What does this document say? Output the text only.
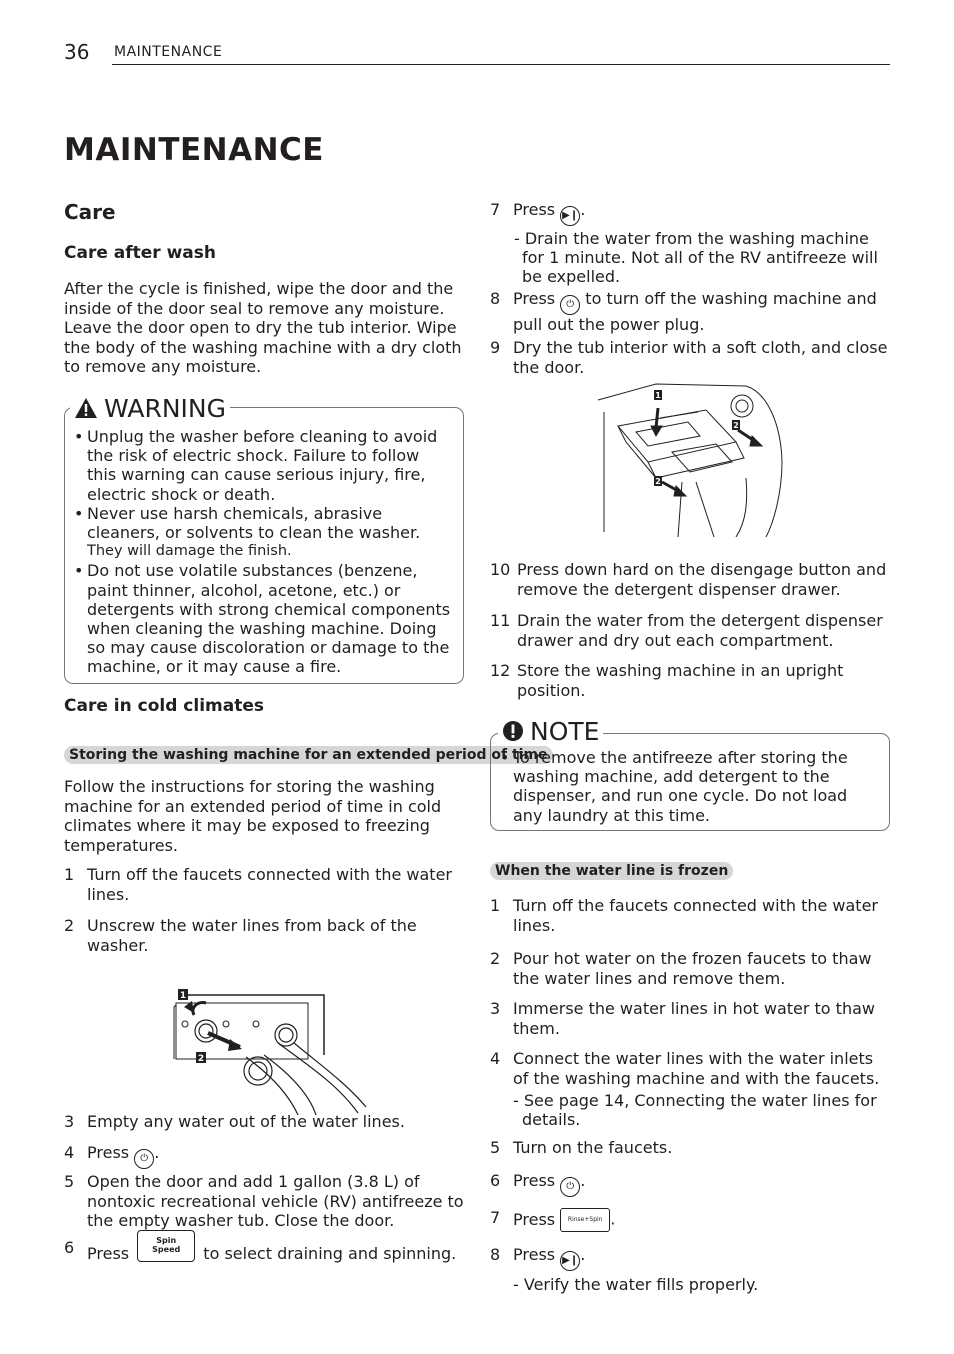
36 MAINTENANCE
MAINTENANCE
Care
Care after wash
After the cycle is finished, wipe the door and the
inside of the door seal to remove any moisture.
Leave the door open to dry the tub interior. Wipe
the body of the washing machine with a dry cloth
to remove any moisture.
WARNING
• Unplug the washer before cleaning to avoid
the risk of electric shock. Failure to follow
this warning can cause serious injury, fire,
electric shock or death.
• Never use harsh chemicals, abrasive
cleaners, or solvents to clean the washer.
They will damage the finish.
• Do not use volatile substances (benzene,
paint thinner, alcohol, acetone, etc.) or
detergents with strong chemical components
when cleaning the washing machine. Doing
so may cause discoloration or damage to the
machine, or it may cause a fire.
Care in cold climates
Storing the washing machine for an extended period of time
Follow the instructions for storing the washing
machine for an extended period of time in cold
climates where it may be exposed to freezing
temperatures.
1 Turn off the faucets connected with the water
lines.
2 Unscrew the water lines from back of the
washer.
1
2
3 Empty any water out of the water lines.
4 Press ⏻ .
5 Open the door and add 1 gallon (3.8 L) of
nontoxic recreational vehicle (RV) antifreeze to
the empty washer tub. Close the door.
6 Press
Spin
Speed	to select draining and spinning.
7 Press ▶❙ .
- Drain the water from the washing machine
for 1 minute. Not all of the RV antifreeze will
be expelled.
8 Press ⏻ to turn off the washing machine and
pull out the power plug.
9 Dry the tub interior with a soft cloth, and close
the door.
1
2
2
10 Press down hard on the disengage button and
remove the detergent dispenser drawer.
11 Drain the water from the detergent dispenser
drawer and dry out each compartment.
12 Store the washing machine in an upright
position.
NOTE
• To remove the antifreeze after storing the
washing machine, add detergent to the
dispenser, and run one cycle. Do not load
any laundry at this time.
When the water line is frozen
1 Turn off the faucets connected with the water
lines.
2 Pour hot water on the frozen faucets to thaw
the water lines and remove them.
3 Immerse the water lines in hot water to thaw
them.
4 Connect the water lines with the water inlets
of the washing machine and with the faucets.
- See page 14, Connecting the water lines for
details.
5 Turn on the faucets.
6 Press ⏻ .
7 Press Rinse+Spin .
8 Press ▶❙ .
- Verify the water fills properly.
